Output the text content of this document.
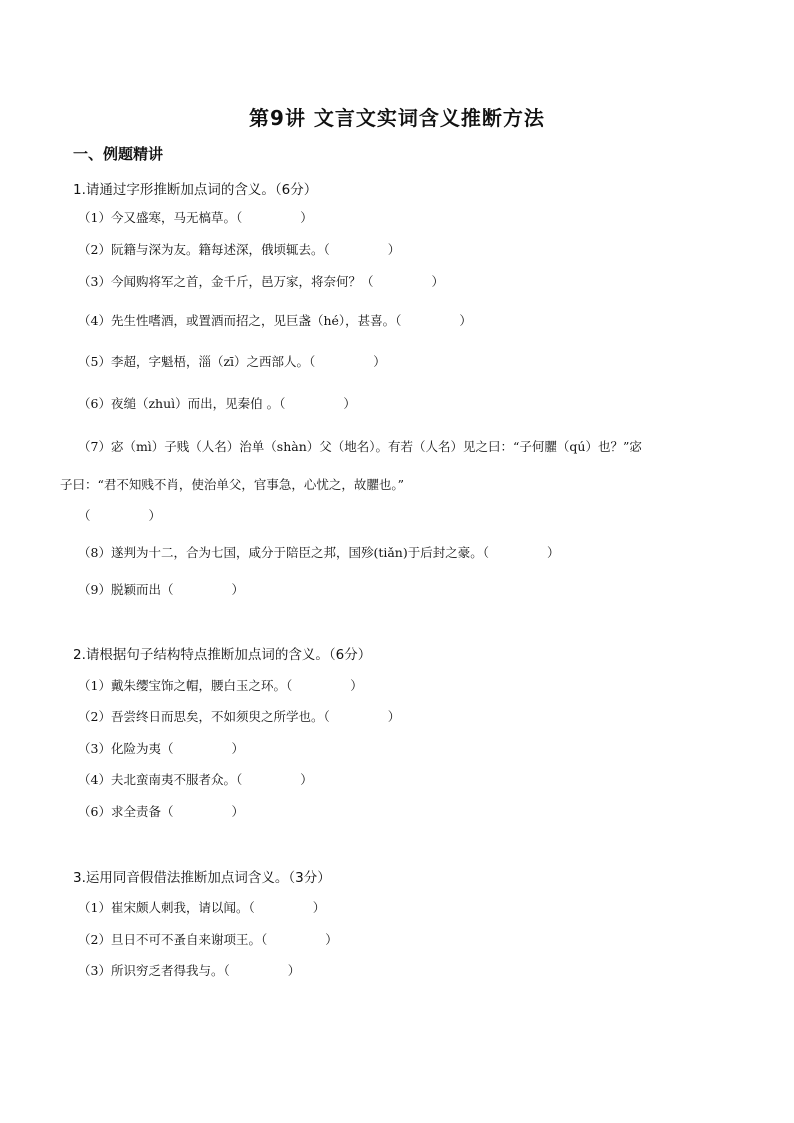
第9讲 文言文实词含义推断方法
一、例题精讲
1.请通过字形推断加点词的含义。（6分）
（1）今又盛寒，马无槁草。（	）
（2）阮籍与深为友。籍每述深，俄顷辄去。（	）
（3）今闻购将军之首，金千斤，邑万家，将奈何？（	）
（4）先生性嗜酒，或置酒而招之，见巨盏（hé），甚喜。（	）
（5）李超，字魁梧，淄（zī）之西部人。（	）
（6）夜缒（zhuì）而出，见秦伯 。（	）
（7）宓（mì）子贱（人名）治单（shàn）父（地名）。有若（人名）见之曰：“子何臞（qú）也？”宓
子曰：“君不知贱不肖，使治单父，官事急，心忧之，故臞也。”
（	）
（8）遂判为十二，合为七国，咸分于陪臣之邦，国殄(tiǎn)于后封之豪。（	）
（9）脱颖而出（	）
2.请根据句子结构特点推断加点词的含义。（6分）
（1）戴朱缨宝饰之帽，腰白玉之环。（	）
（2）吾尝终日而思矣，不如须臾之所学也。（	）
（3）化险为夷（	）
（4）夫北蛮南夷不服者众。（	）
（6）求全责备（	）
3.运用同音假借法推断加点词含义。（3分）
（1）崔宋颇人刺我，请以闻。（	）
（2）旦日不可不蚤自来谢项王。（	）
（3）所识穷乏者得我与。（	）
